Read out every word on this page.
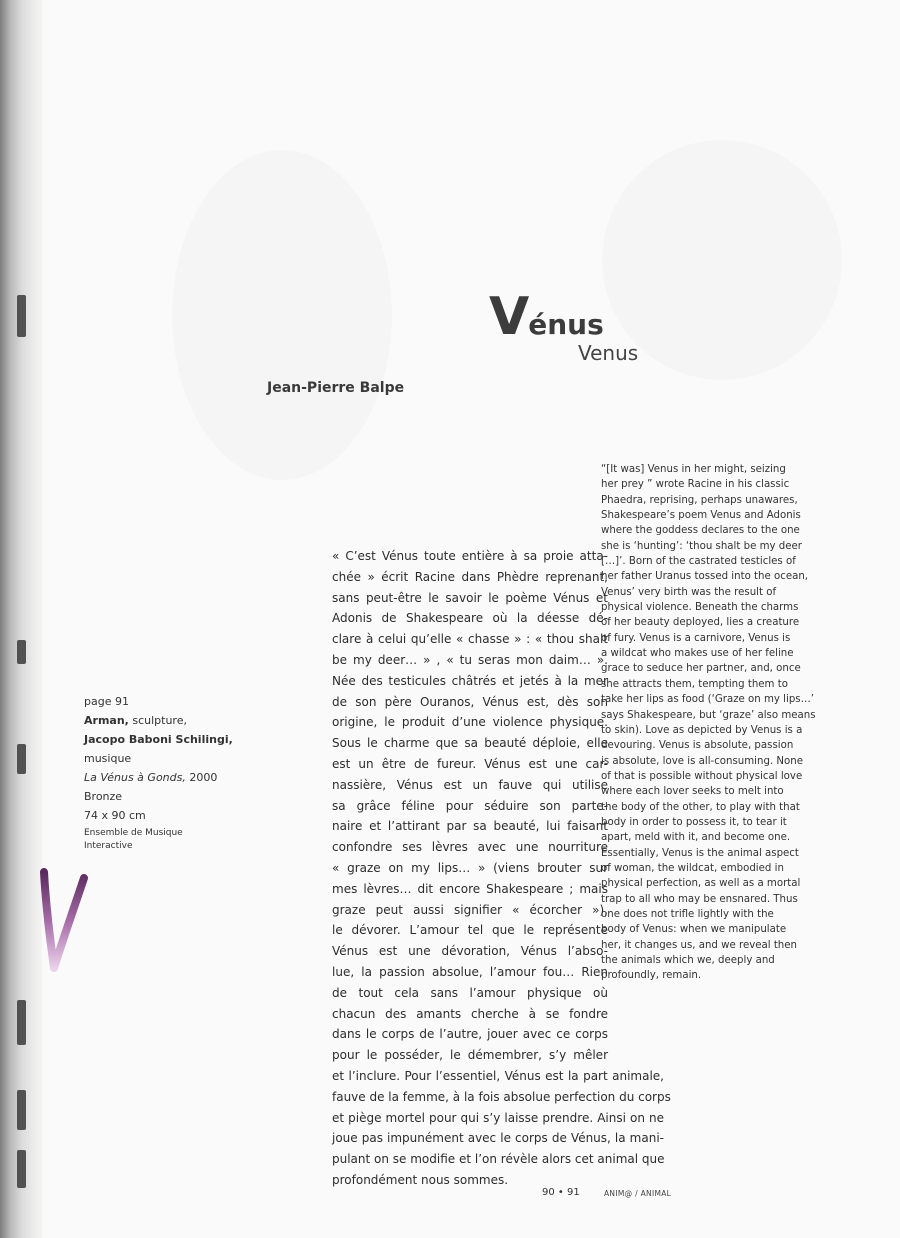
Vénus
Venus
Jean-Pierre Balpe
page 91
Arman, sculpture,
Jacopo Baboni Schilingi,
musique
La Vénus à Gonds, 2000
Bronze
74 x 90 cm
Ensemble de Musique
Interactive
« C’est Vénus toute entière à sa proie atta-
chée » écrit Racine dans Phèdre reprenant,
sans peut-être le savoir le poème Vénus et
Adonis de Shakespeare où la déesse dé-
clare à celui qu’elle « chasse » : « thou shalt
be my deer… » , « tu seras mon daim… ».
Née des testicules châtrés et jetés à la mer
de son père Ouranos, Vénus est, dès son
origine, le produit d’une violence physique.
Sous le charme que sa beauté déploie, elle
est un être de fureur. Vénus est une car-
nassière, Vénus est un fauve qui utilise
sa grâce féline pour séduire son parte-
naire et l’attirant par sa beauté, lui faisant
confondre ses lèvres avec une nourriture
« graze on my lips… » (viens brouter sur
mes lèvres… dit encore Shakespeare ; mais
graze peut aussi signifier « écorcher »),
le dévorer. L’amour tel que le représente
Vénus est une dévoration, Vénus l’abso-
lue, la passion absolue, l’amour fou… Rien
de tout cela sans l’amour physique où
chacun des amants cherche à se fondre
dans le corps de l’autre, jouer avec ce corps
pour le posséder, le démembrer, s’y mêler
et l’inclure. Pour l’essentiel, Vénus est la part animale,
fauve de la femme, à la fois absolue perfection du corps
et piège mortel pour qui s’y laisse prendre. Ainsi on ne
joue pas impunément avec le corps de Vénus, la mani-
pulant on se modifie et l’on révèle alors cet animal que
profondément nous sommes.
“[It was] Venus in her might, seizing
her prey ” wrote Racine in his classic
Phaedra, reprising, perhaps unawares,
Shakespeare’s poem Venus and Adonis
where the goddess declares to the one
she is ‘hunting’: ‘thou shalt be my deer
[…]’. Born of the castrated testicles of
her father Uranus tossed into the ocean,
Venus’ very birth was the result of
physical violence. Beneath the charms
of her beauty deployed, lies a creature
of fury. Venus is a carnivore, Venus is
a wildcat who makes use of her feline
grace to seduce her partner, and, once
she attracts them, tempting them to
take her lips as food (‘Graze on my lips…’
says Shakespeare, but ‘graze’ also means
to skin). Love as depicted by Venus is a
devouring. Venus is absolute, passion
is absolute, love is all-consuming. None
of that is possible without physical love
where each lover seeks to melt into
the body of the other, to play with that
body in order to possess it, to tear it
apart, meld with it, and become one.
Essentially, Venus is the animal aspect
of woman, the wildcat, embodied in
physical perfection, as well as a mortal
trap to all who may be ensnared. Thus
one does not trifle lightly with the
body of Venus: when we manipulate
her, it changes us, and we reveal then
the animals which we, deeply and
profoundly, remain.
90 • 91	ANIM@ / ANIMAL
